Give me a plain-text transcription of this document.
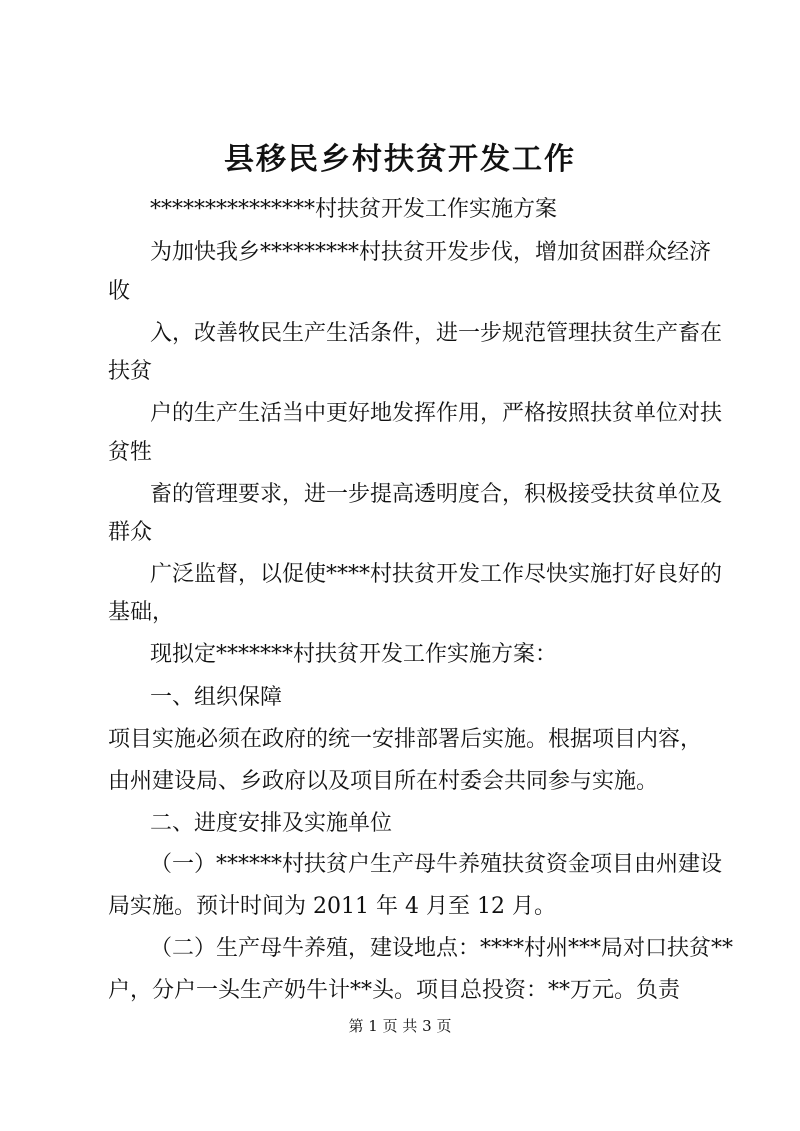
县移民乡村扶贫开发工作
***************村扶贫开发工作实施方案
为加快我乡*********村扶贫开发步伐，增加贫困群众经济
收
入，改善牧民生产生活条件，进一步规范管理扶贫生产畜在
扶贫
户的生产生活当中更好地发挥作用，严格按照扶贫单位对扶
贫牲
畜的管理要求，进一步提高透明度合，积极接受扶贫单位及
群众
广泛监督，以促使****村扶贫开发工作尽快实施打好良好的
基础，
现拟定*******村扶贫开发工作实施方案：
一、组织保障
项目实施必须在政府的统一安排部署后实施。根据项目内容，
由州建设局、乡政府以及项目所在村委会共同参与实施。
二、进度安排及实施单位
（一）******村扶贫户生产母牛养殖扶贫资金项目由州建设
局实施。预计时间为 2011 年 4 月至 12 月。
（二）生产母牛养殖，建设地点：****村州***局对口扶贫**
户，分户一头生产奶牛计**头。项目总投资：**万元。负责
第 1 页 共 3 页
